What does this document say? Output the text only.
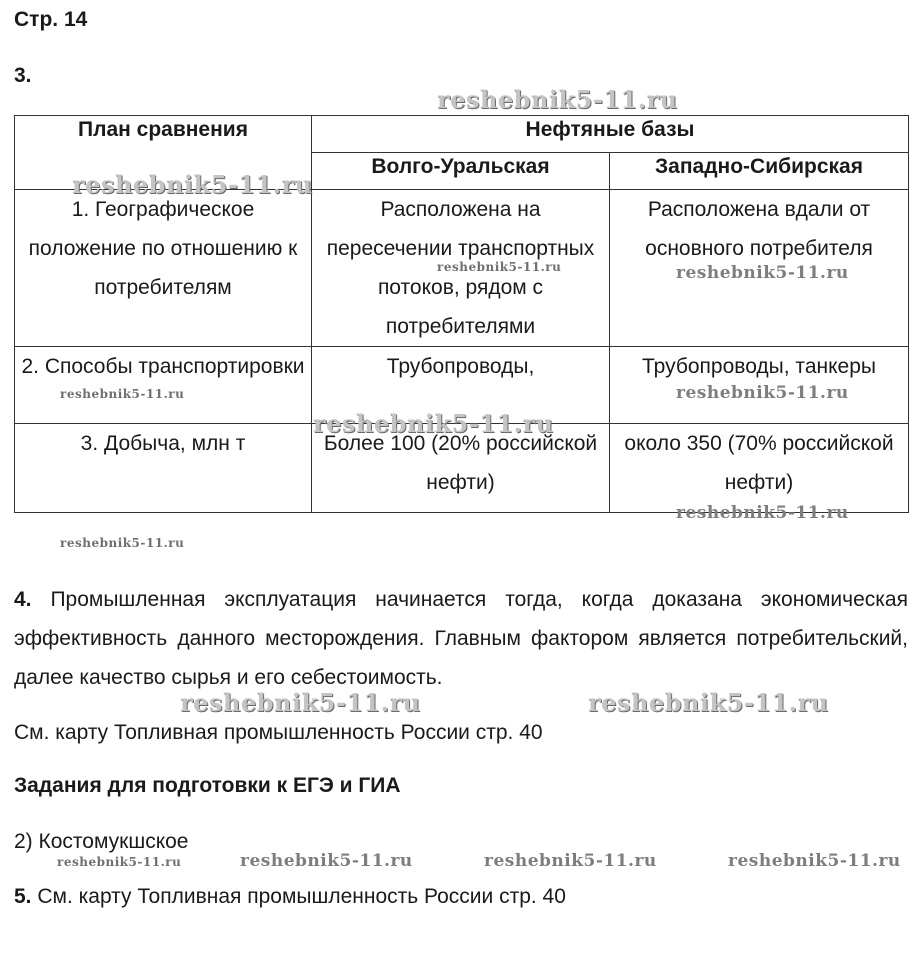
Стр. 14
3.
План сравнения	Нефтяные базы	
	Волго-Уральская	Западно-Сибирская
1. Географическое положение по отношению к потребителям	Расположена на пересечении транспортных потоков, рядом с потребителями	Расположена вдали от основного потребителя
2. Способы транспортировки	Трубопроводы,	Трубопроводы, танкеры
3. Добыча, млн т	Более 100 (20% российской нефти)	около 350 (70% российской нефти)
4. Промышленная эксплуатация начинается тогда, когда доказана экономическая эффективность данного месторождения. Главным фактором является потребительский, далее качество сырья и его себестоимость.
См. карту Топливная промышленность России стр. 40
Задания для подготовки к ЕГЭ и ГИА
2) Костомукшское
5. См. карту Топливная промышленность России стр. 40
reshebnik5-11.ru
reshebnik5-11.ru
reshebnik5-11.ru	reshebnik5-11.ru
reshebnik5-11.ru	reshebnik5-11.ru
reshebnik5-11.ru
reshebnik5-11.ru
reshebnik5-11.ru
reshebnik5-11.ru	reshebnik5-11.ru
reshebnik5-11.ru	reshebnik5-11.ru	reshebnik5-11.ru	reshebnik5-11.ru
